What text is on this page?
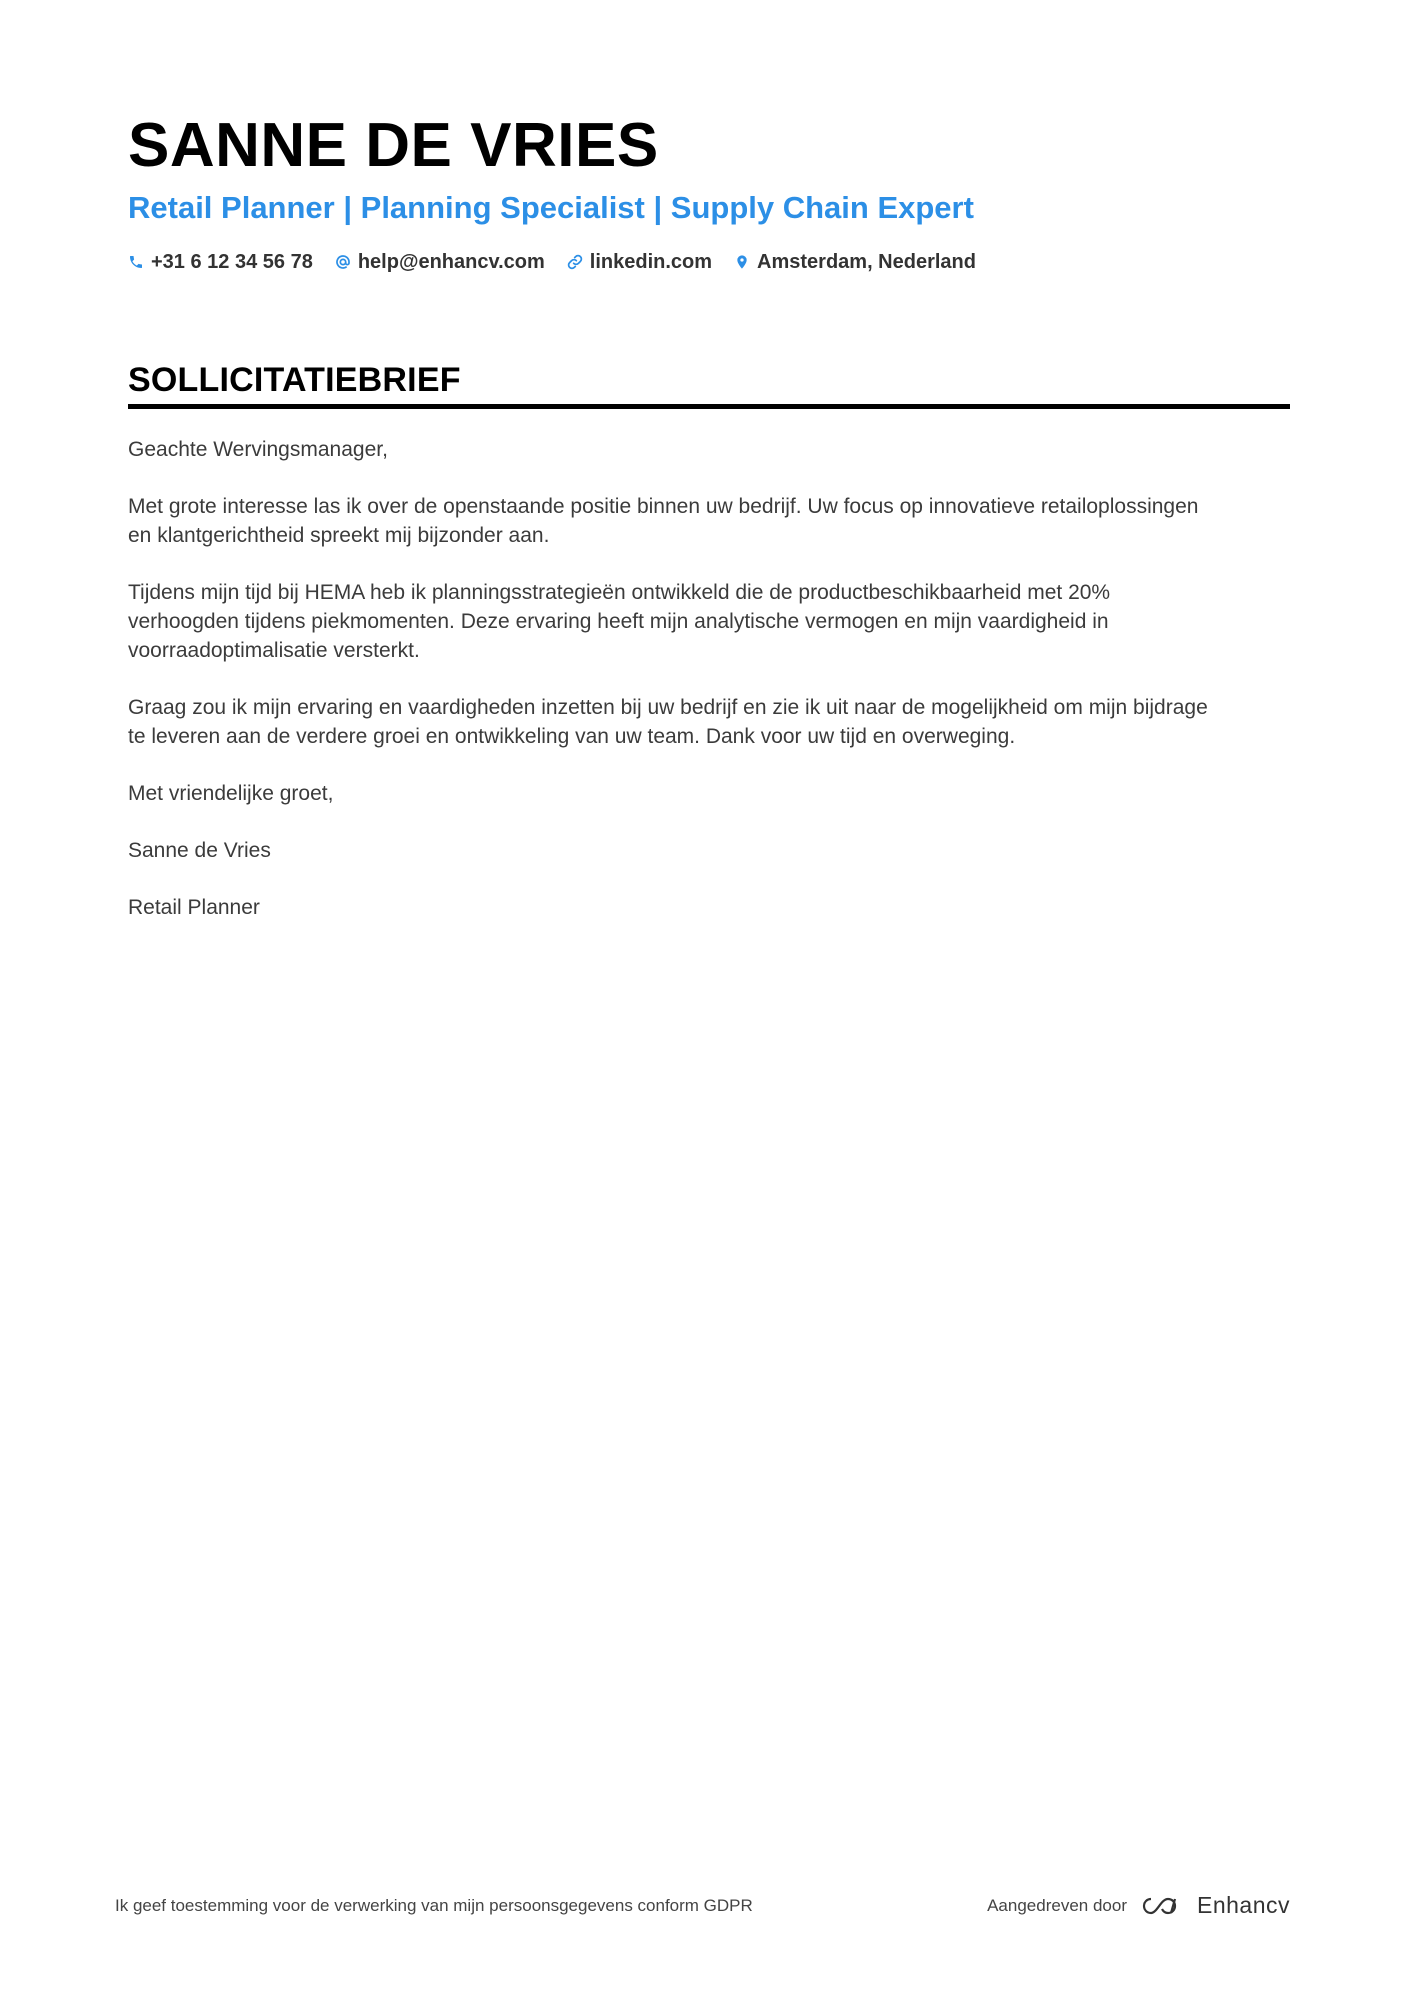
SANNE DE VRIES
Retail Planner | Planning Specialist | Supply Chain Expert
+31 6 12 34 56 78 help@enhancv.com linkedin.com Amsterdam, Nederland
SOLLICITATIEBRIEF

Geachte Wervingsmanager,

Met grote interesse las ik over de openstaande positie binnen uw bedrijf. Uw focus op innovatieve retailoplossingen
en klantgerichtheid spreekt mij bijzonder aan.

Tijdens mijn tijd bij HEMA heb ik planningsstrategieën ontwikkeld die de productbeschikbaarheid met 20%
verhoogden tijdens piekmomenten. Deze ervaring heeft mijn analytische vermogen en mijn vaardigheid in
voorraadoptimalisatie versterkt.

Graag zou ik mijn ervaring en vaardigheden inzetten bij uw bedrijf en zie ik uit naar de mogelijkheid om mijn bijdrage
te leveren aan de verdere groei en ontwikkeling van uw team. Dank voor uw tijd en overweging.

Met vriendelijke groet,

Sanne de Vries

Retail Planner

Ik geef toestemming voor de verwerking van mijn persoonsgegevens conform GDPR	Aangedreven door	Enhancv
